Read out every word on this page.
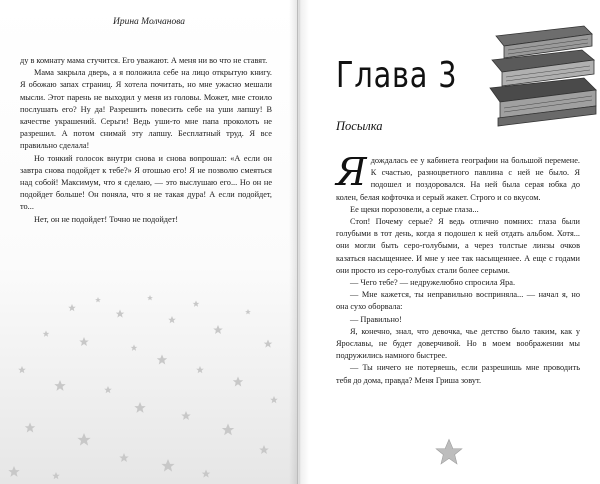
Ирина Молчанова

ду в комнату мама стучится. Его уважают. А меня ни во что не ставят.

Мама закрыла дверь, а я положила себе на лицо открытую книгу. Я обожаю запах страниц. Я хотела почитать, но мне ужасно мешали мысли. Этот парень не выходил у меня из головы. Может, мне стоило послушать его? Ну да! Разрешить повесить себе на уши лапшу! В качестве украшений. Серьги! Ведь уши-то мне папа проколоть не разрешил. А потом снимай эту лапшу. Бесплатный труд. Я все правильно сделала!

Но тонкий голосок внутри снова и снова вопрошал: «А если он завтра снова подойдет к тебе?» Я отошью его! Я не позволю смеяться над собой! Максимум, что я сделаю, — это выслушаю его... Но он не подойдет больше! Он поняла, что я не такая дура! А если подойдет, то...

Нет, он не подойдет! Точно не подойдет!

Глава 3
Посылка

Ядождалась ее у кабинета географии на большой перемене. К счастью, разноцветного павлина с ней не было. Я подошел и поздоровался. На ней была серая юбка до колен, белая кофточка и серый жакет. Строго и со вкусом.

Ее щеки порозовели, а серые глаза...

Стоп! Почему серые? Я ведь отлично помних: глаза были голубыми в тот день, когда я подошел к ней отдать альбом. Хотя... они могли быть серо-голубыми, а через толстые линзы очков казаться насыщеннее. И мне у нее так насыщеннее. А еще с годами они просто из серо-голубых стали более серыми.

— Чего тебе? — недружелюбно спросила Яра.

— Мне кажется, ты неправильно восприняла... — начал я, но она сухо оборвала:

— Правильно!

Я, конечно, знал, что девочка, чье детство было таким, как у Ярославы, не будет доверчивой. Но в моем воображении мы подружились намного быстрее.

— Ты ничего не потеряешь, если разрешишь мне проводить тебя до дома, правда? Меня Гриша зовут.
